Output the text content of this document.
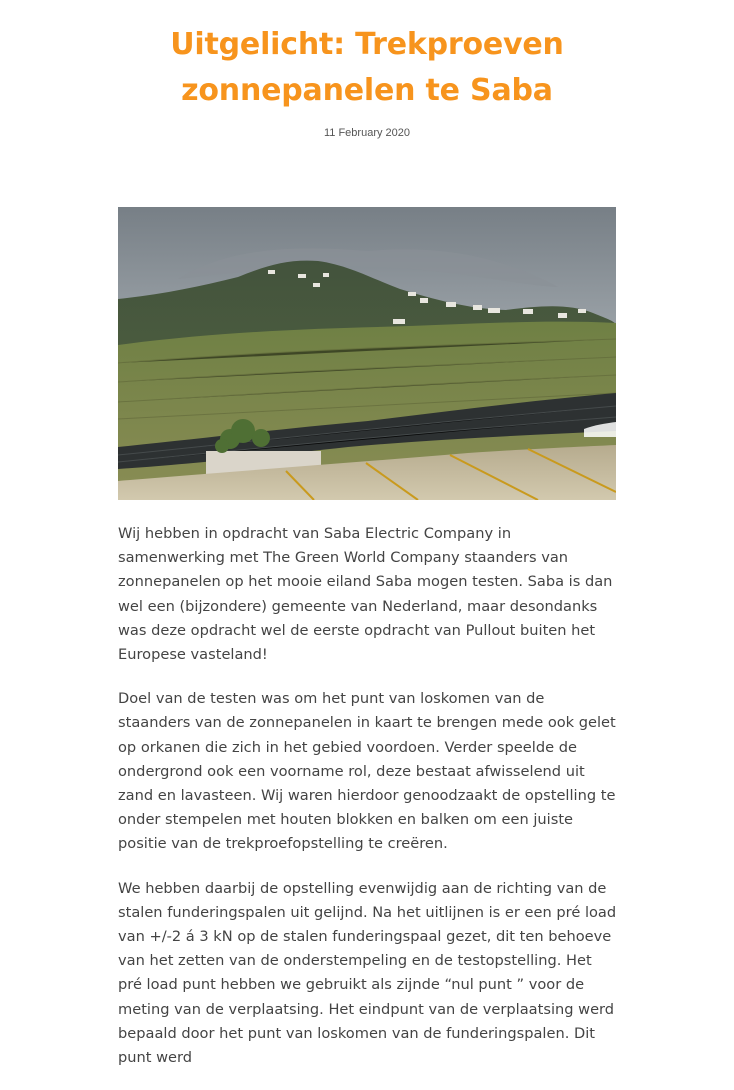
Uitgelicht: Trekproeven zonnepanelen te Saba
11 February 2020

Wij hebben in opdracht van Saba Electric Company in samenwerking met The Green World Company staanders van zonnepanelen op het mooie eiland Saba mogen testen. Saba is dan wel een (bijzondere) gemeente van Nederland, maar desondanks was deze opdracht wel de eerste opdracht van Pullout buiten het Europese vasteland!

Doel van de testen was om het punt van loskomen van de staanders van de zonnepanelen in kaart te brengen mede ook gelet op orkanen die zich in het gebied voordoen. Verder speelde de ondergrond ook een voorname rol, deze bestaat afwisselend uit zand en lavasteen. Wij waren hierdoor genoodzaakt de opstelling te onder stempelen met houten blokken en balken om een juiste positie van de trekproefopstelling te creëren.

We hebben daarbij de opstelling evenwijdig aan de richting van de stalen funderingspalen uit gelijnd. Na het uitlijnen is er een pré load van +/-2 á 3 kN op de stalen funderingspaal gezet, dit ten behoeve van het zetten van de onderstempeling en de testopstelling. Het pré load punt hebben we gebruikt als zijnde “nul punt ” voor de meting van de verplaatsing. Het eindpunt van de verplaatsing werd bepaald door het punt van loskomen van de funderingspalen. Dit punt werd
